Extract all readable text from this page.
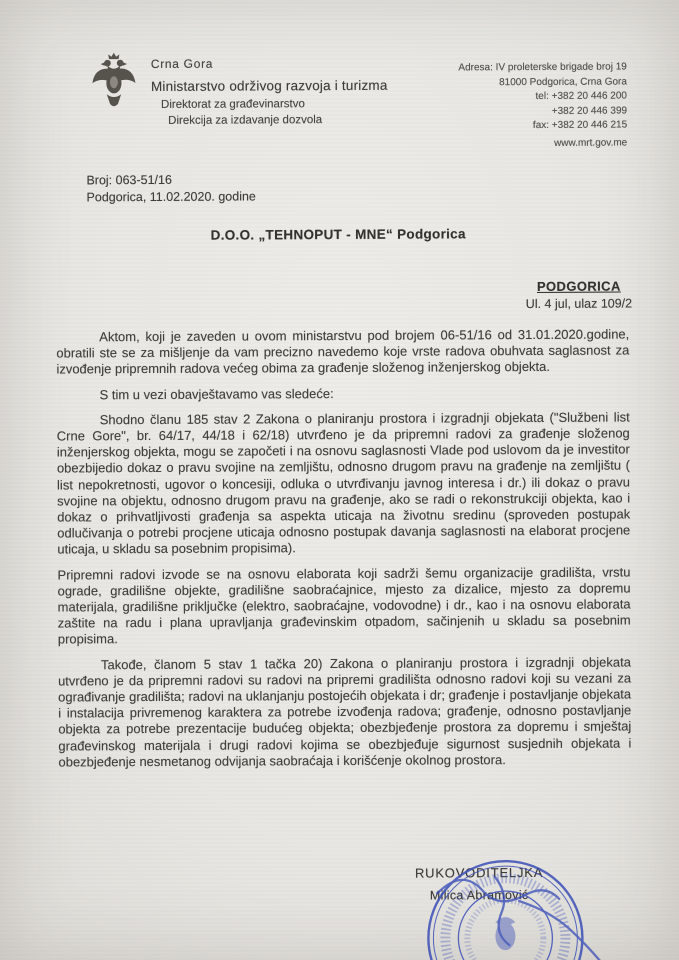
Crna Gora
Ministarstvo održivog razvoja i turizma
Direktorat za građevinarstvo
Direkcija za izdavanje dozvola
Adresa: IV proleterske brigade broj 19
81000 Podgorica, Crna Gora
tel: +382 20 446 200
+382 20 446 399
fax: +382 20 446 215
www.mrt.gov.me
Broj: 063-51/16
Podgorica, 11.02.2020. godine
D.O.O. „TEHNOPUT - MNE“ Podgorica
PODGORICA
Ul. 4 jul, ulaz 109/2

Aktom, koji je zaveden u ovom ministarstvu pod brojem 06-51/16 od 31.01.2020.godine, obratili ste se za mišljenje da vam precizno navedemo koje vrste radova obuhvata saglasnost za izvođenje pripremnih radova većeg obima za građenje složenog inženjerskog objekta.

S tim u vezi obavještavamo vas sledeće:

Shodno članu 185 stav 2 Zakona o planiranju prostora i izgradnji objekata ("Službeni list Crne Gore", br. 64/17, 44/18 i 62/18) utvrđeno je da pripremni radovi za građenje složenog inženjerskog objekta, mogu se započeti i na osnovu saglasnosti Vlade pod uslovom da je investitor obezbijedio dokaz o pravu svojine na zemljištu, odnosno drugom pravu na građenje na zemljištu ( list nepokretnosti, ugovor o koncesiji, odluka o utvrđivanju javnog interesa i dr.) ili dokaz o pravu svojine na objektu, odnosno drugom pravu na građenje, ako se radi o rekonstrukciji objekta, kao i dokaz o prihvatljivosti građenja sa aspekta uticaja na životnu sredinu (sproveden postupak odlučivanja o potrebi procjene uticaja odnosno postupak davanja saglasnosti na elaborat procjene uticaja, u skladu sa posebnim propisima).

Pripremni radovi izvode se na osnovu elaborata koji sadrži šemu organizacije gradilišta, vrstu ograde, gradilišne objekte, gradilišne saobraćajnice, mjesto za dizalice, mjesto za dopremu materijala, gradilišne priključke (elektro, saobraćajne, vodovodne) i dr., kao i na osnovu elaborata zaštite na radu i plana upravljanja građevinskim otpadom, sačinjenih u skladu sa posebnim propisima.

Takođe, članom 5 stav 1 tačka 20) Zakona o planiranju prostora i izgradnji objekata utvrđeno je da pripremni radovi su radovi na pripremi gradilišta odnosno radovi koji su vezani za ograđivanje gradilišta; radovi na uklanjanju postojećih objekata i dr; građenje i postavljanje objekata i instalacija privremenog karaktera za potrebe izvođenja radova; građenje, odnosno postavljanje objekta za potrebe prezentacije budućeg objekta; obezbjeđenje prostora za dopremu i smještaj građevinskog materijala i drugi radovi kojima se obezbjeđuje sigurnost susjednih objekata i obezbjeđenje nesmetanog odvijanja saobraćaja i korišćenje okolnog prostora.

RUKOVODITELJKA
Milica Abramović
